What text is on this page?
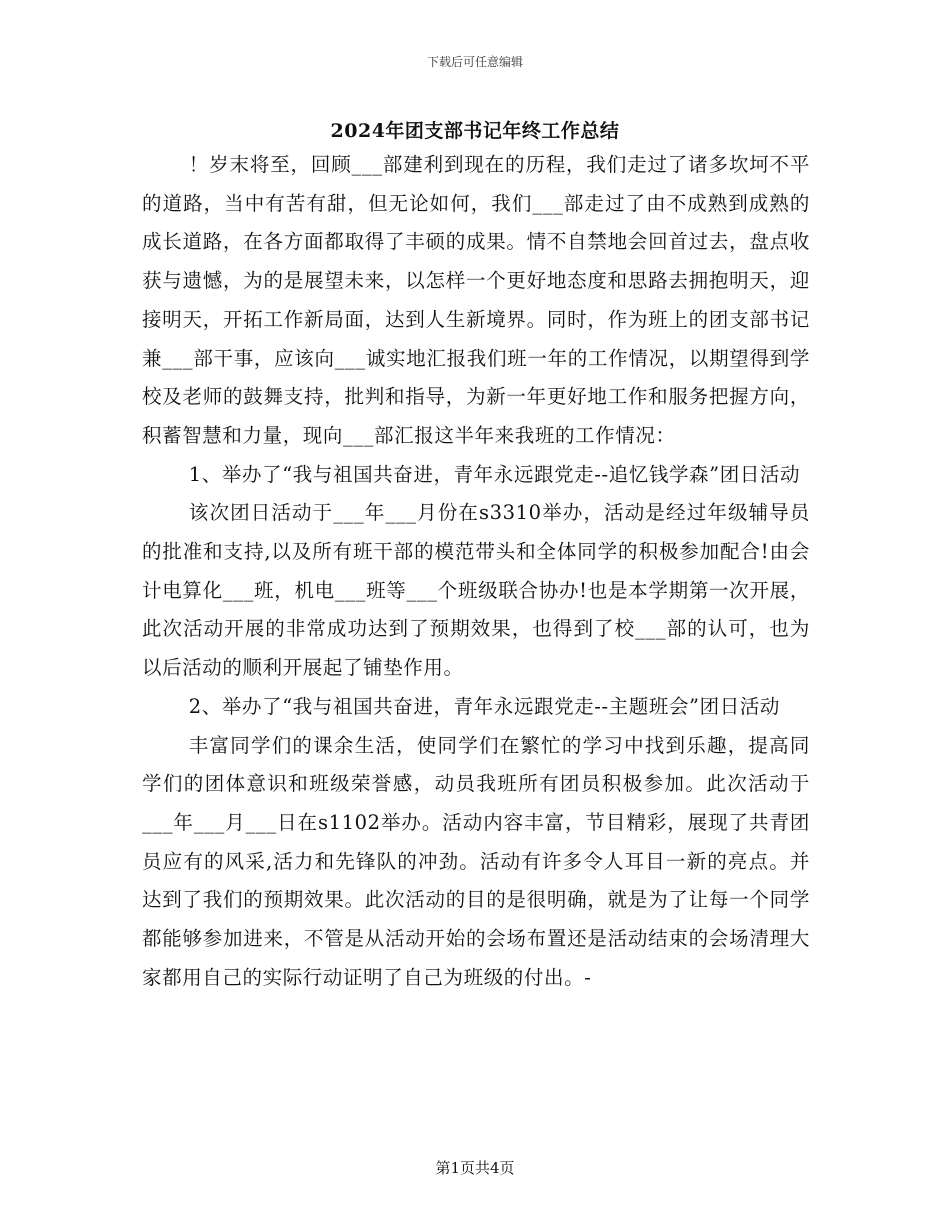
下载后可任意编辑
2024年团支部书记年终工作总结

！岁末将至，回顾___部建利到现在的历程，我们走过了诸多坎坷不平的道路，当中有苦有甜，但无论如何，我们___部走过了由不成熟到成熟的成长道路，在各方面都取得了丰硕的成果。情不自禁地会回首过去，盘点收获与遗憾，为的是展望未来，以怎样一个更好地态度和思路去拥抱明天，迎接明天，开拓工作新局面，达到人生新境界。同时，作为班上的团支部书记兼___部干事，应该向___诚实地汇报我们班一年的工作情况，以期望得到学校及老师的鼓舞支持，批判和指导，为新一年更好地工作和服务把握方向，积蓄智慧和力量，现向___部汇报这半年来我班的工作情况：

1、举办了“我与祖国共奋进，青年永远跟党走--追忆钱学森”团日活动

该次团日活动于___年___月份在s3310举办，活动是经过年级辅导员的批准和支持,以及所有班干部的模范带头和全体同学的积极参加配合!由会计电算化___班，机电___班等___个班级联合协办!也是本学期第一次开展，此次活动开展的非常成功达到了预期效果，也得到了校___部的认可，也为以后活动的顺利开展起了铺垫作用。

2、举办了“我与祖国共奋进，青年永远跟党走--主题班会”团日活动

丰富同学们的课余生活，使同学们在繁忙的学习中找到乐趣，提高同学们的团体意识和班级荣誉感，动员我班所有团员积极参加。此次活动于___年___月___日在s1102举办。活动内容丰富，节目精彩，展现了共青团员应有的风采,活力和先锋队的冲劲。活动有许多令人耳目一新的亮点。并达到了我们的预期效果。此次活动的目的是很明确，就是为了让每一个同学都能够参加进来，不管是从活动开始的会场布置还是活动结束的会场清理大家都用自己的实际行动证明了自己为班级的付出。-

第1页共4页
